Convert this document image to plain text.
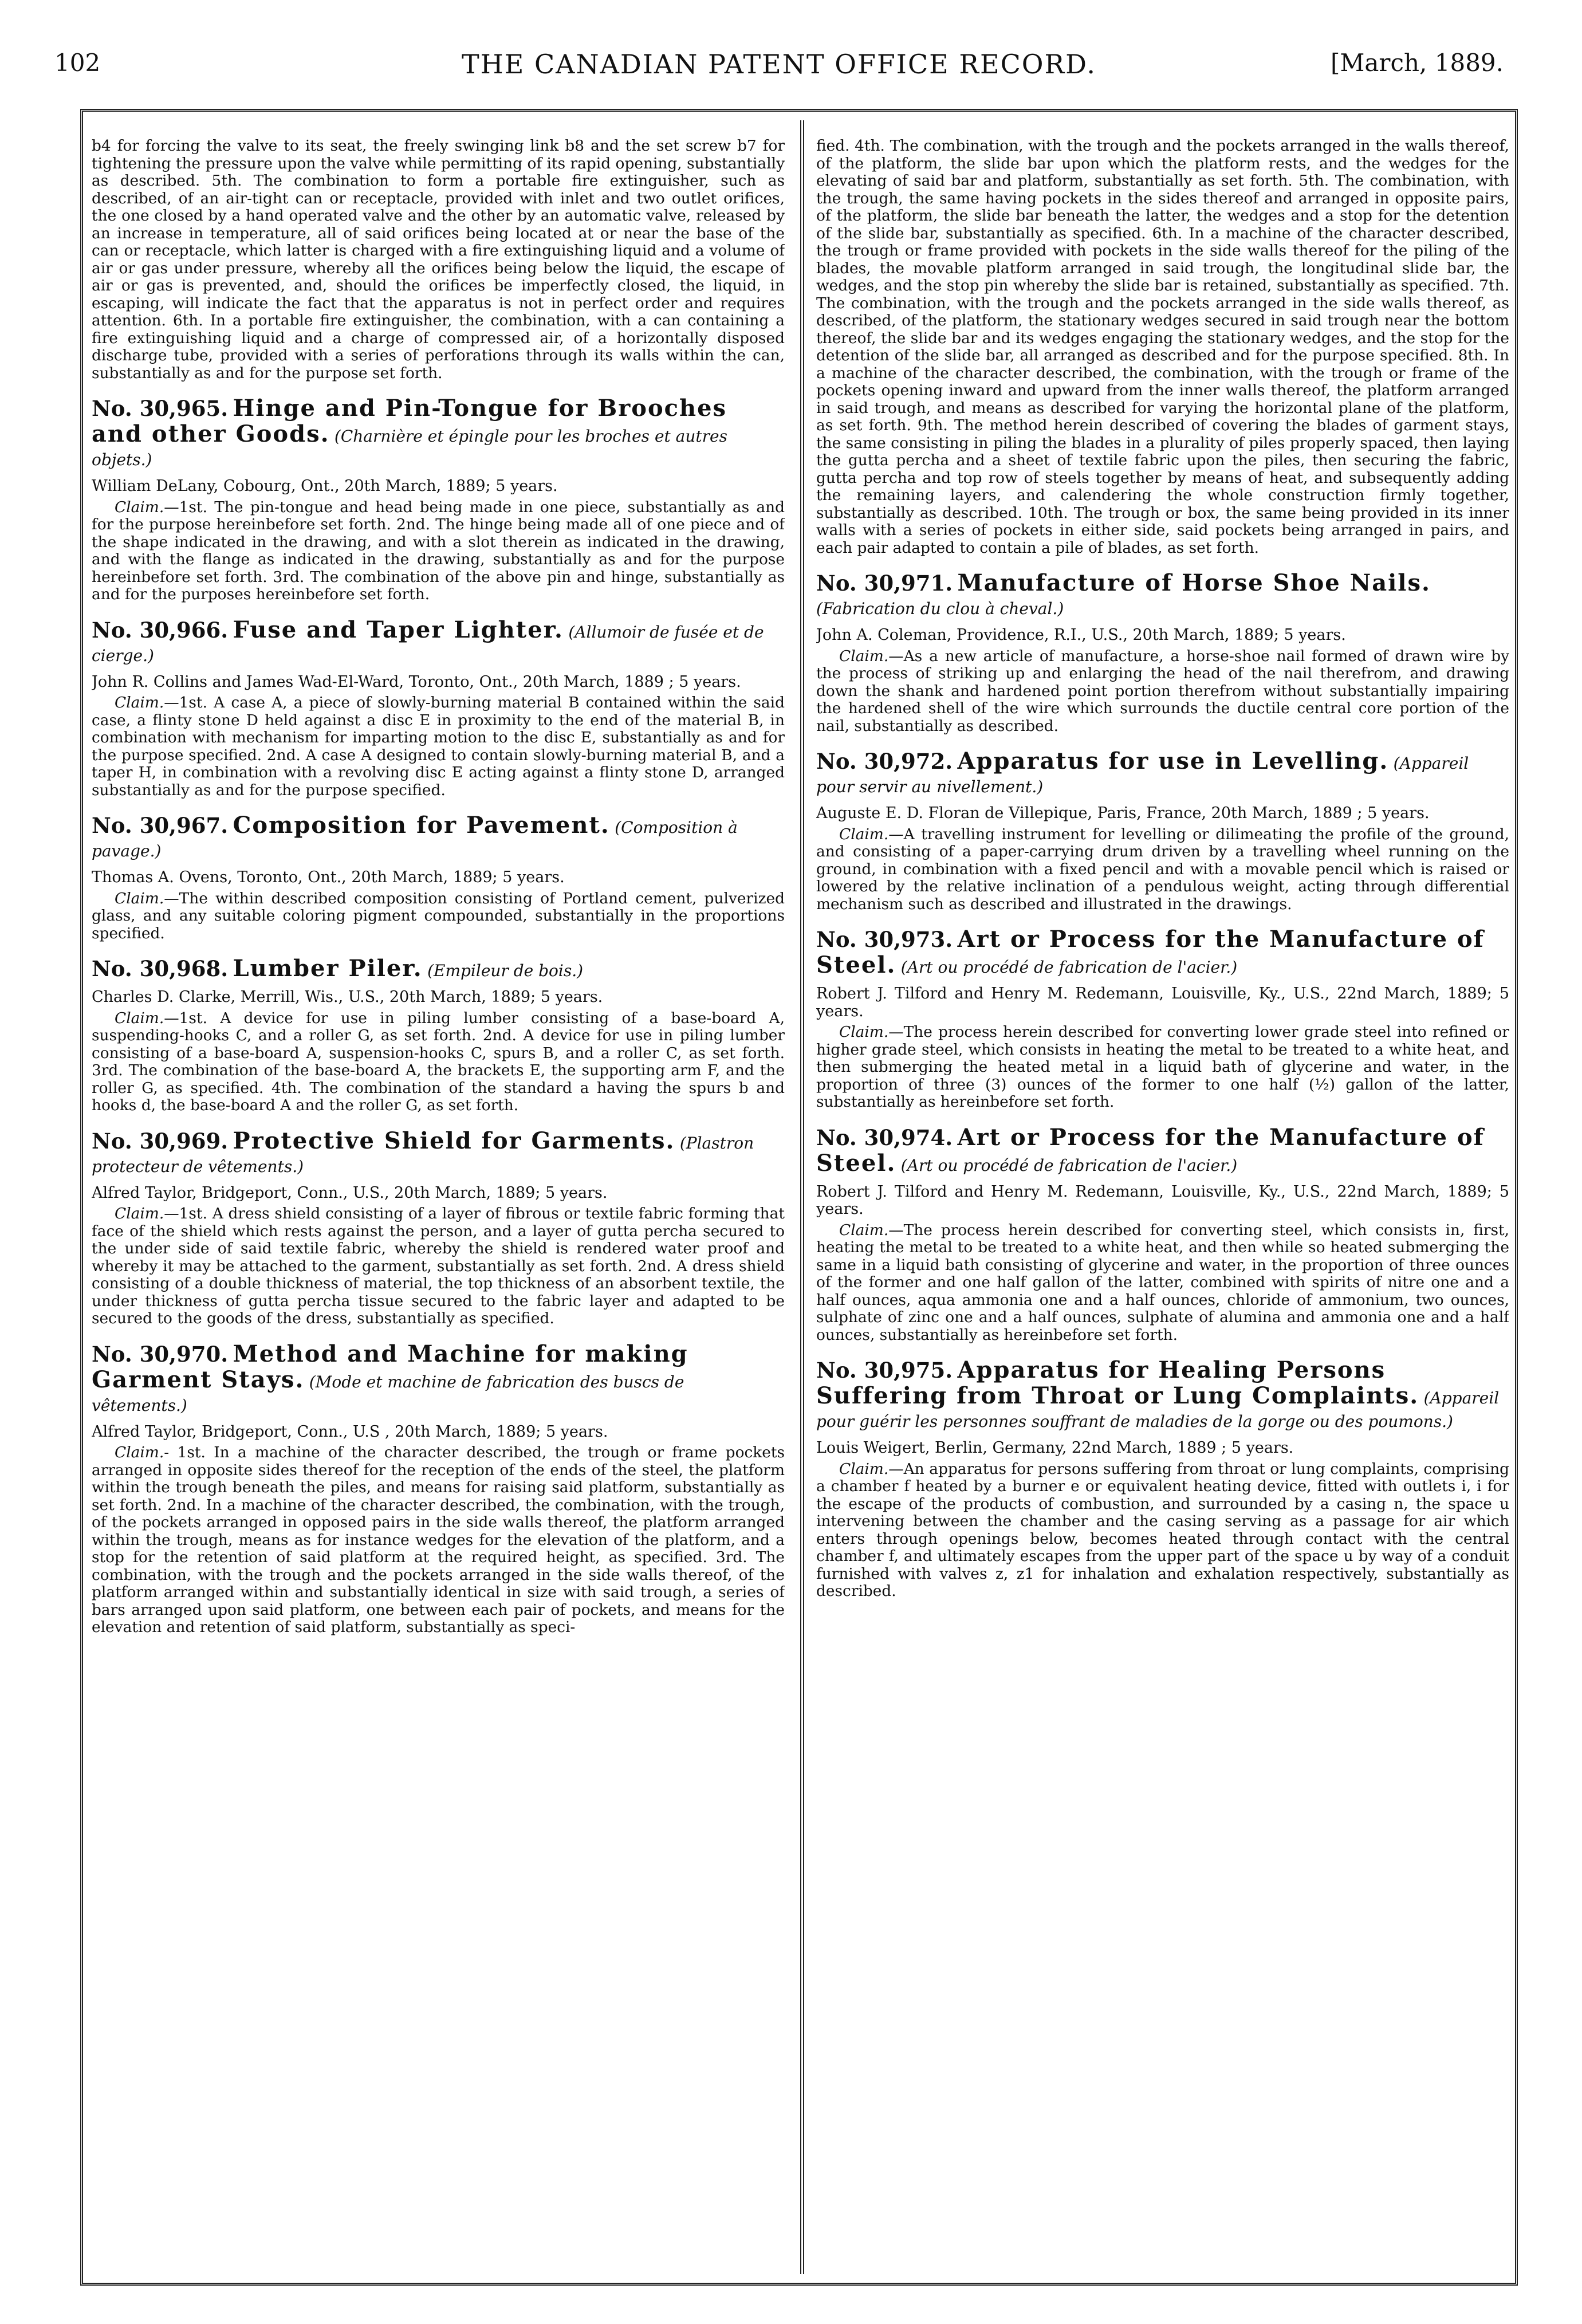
102	THE CANADIAN PATENT OFFICE RECORD.	[March, 1889.

b4 for forcing the valve to its seat, the freely swinging link b8 and the set screw b7 for tightening the pressure upon the valve while permitting of its rapid opening, substantially as described. 5th. The combination to form a portable fire extinguisher, such as described, of an air-tight can or receptacle, provided with inlet and two outlet orifices, the one closed by a hand operated valve and the other by an automatic valve, released by an increase in temperature, all of said orifices being located at or near the base of the can or receptacle, which latter is charged with a fire extinguishing liquid and a volume of air or gas under pressure, whereby all the orifices being below the liquid, the escape of air or gas is prevented, and, should the orifices be imperfectly closed, the liquid, in escaping, will indicate the fact that the apparatus is not in perfect order and requires attention. 6th. In a portable fire extinguisher, the combination, with a can containing a fire extinguishing liquid and a charge of compressed air, of a horizontally disposed discharge tube, provided with a series of perforations through its walls within the can, substantially as and for the purpose set forth.

No. 30,965. Hinge and Pin-Tongue for Brooches and other Goods. (Charnière et épingle pour les broches et autres objets.)

William DeLany, Cobourg, Ont., 20th March, 1889; 5 years.

Claim.—1st. The pin-tongue and head being made in one piece, substantially as and for the purpose hereinbefore set forth. 2nd. The hinge being made all of one piece and of the shape indicated in the drawing, and with a slot therein as indicated in the drawing, and with the flange as indicated in the drawing, substantially as and for the purpose hereinbefore set forth. 3rd. The combination of the above pin and hinge, substantially as and for the purposes hereinbefore set forth.

No. 30,966. Fuse and Taper Lighter. (Allumoir de fusée et de cierge.)

John R. Collins and James Wad-El-Ward, Toronto, Ont., 20th March, 1889 ; 5 years.

Claim.—1st. A case A, a piece of slowly-burning material B contained within the said case, a flinty stone D held against a disc E in proximity to the end of the material B, in combination with mechanism for imparting motion to the disc E, substantially as and for the purpose specified. 2nd. A case A designed to contain slowly-burning material B, and a taper H, in combination with a revolving disc E acting against a flinty stone D, arranged substantially as and for the purpose specified.

No. 30,967. Composition for Pavement. (Composition à pavage.)

Thomas A. Ovens, Toronto, Ont., 20th March, 1889; 5 years.

Claim.—The within described composition consisting of Portland cement, pulverized glass, and any suitable coloring pigment compounded, substantially in the proportions specified.

No. 30,968. Lumber Piler. (Empileur de bois.)

Charles D. Clarke, Merrill, Wis., U.S., 20th March, 1889; 5 years.

Claim.—1st. A device for use in piling lumber consisting of a base-board A, suspending-hooks C, and a roller G, as set forth. 2nd. A device for use in piling lumber consisting of a base-board A, suspension-hooks C, spurs B, and a roller C, as set forth. 3rd. The combination of the base-board A, the brackets E, the supporting arm F, and the roller G, as specified. 4th. The combination of the standard a having the spurs b and hooks d, the base-board A and the roller G, as set forth.

No. 30,969. Protective Shield for Garments. (Plastron protecteur de vêtements.)

Alfred Taylor, Bridgeport, Conn., U.S., 20th March, 1889; 5 years.

Claim.—1st. A dress shield consisting of a layer of fibrous or textile fabric forming that face of the shield which rests against the person, and a layer of gutta percha secured to the under side of said textile fabric, whereby the shield is rendered water proof and whereby it may be attached to the garment, substantially as set forth. 2nd. A dress shield consisting of a double thickness of material, the top thickness of an absorbent textile, the under thickness of gutta percha tissue secured to the fabric layer and adapted to be secured to the goods of the dress, substantially as specified.

No. 30,970. Method and Machine for making Garment Stays. (Mode et machine de fabrication des buscs de vêtements.)

Alfred Taylor, Bridgeport, Conn., U.S , 20th March, 1889; 5 years.

Claim.- 1st. In a machine of the character described, the trough or frame pockets arranged in opposite sides thereof for the reception of the ends of the steel, the platform within the trough beneath the piles, and means for raising said platform, substantially as set forth. 2nd. In a machine of the character described, the combination, with the trough, of the pockets arranged in opposed pairs in the side walls thereof, the platform arranged within the trough, means as for instance wedges for the elevation of the platform, and a stop for the retention of said platform at the required height, as specified. 3rd. The combination, with the trough and the pockets arranged in the side walls thereof, of the platform arranged within and substantially identical in size with said trough, a series of bars arranged upon said platform, one between each pair of pockets, and means for the elevation and retention of said platform, substantially as speci-

fied. 4th. The combination, with the trough and the pockets arranged in the walls thereof, of the platform, the slide bar upon which the platform rests, and the wedges for the elevating of said bar and platform, substantially as set forth. 5th. The combination, with the trough, the same having pockets in the sides thereof and arranged in opposite pairs, of the platform, the slide bar beneath the latter, the wedges and a stop for the detention of the slide bar, substantially as specified. 6th. In a machine of the character described, the trough or frame provided with pockets in the side walls thereof for the piling of the blades, the movable platform arranged in said trough, the longitudinal slide bar, the wedges, and the stop pin whereby the slide bar is retained, substantially as specified. 7th. The combination, with the trough and the pockets arranged in the side walls thereof, as described, of the platform, the stationary wedges secured in said trough near the bottom thereof, the slide bar and its wedges engaging the stationary wedges, and the stop for the detention of the slide bar, all arranged as described and for the purpose specified. 8th. In a machine of the character described, the combination, with the trough or frame of the pockets opening inward and upward from the inner walls thereof, the platform arranged in said trough, and means as described for varying the horizontal plane of the platform, as set forth. 9th. The method herein described of covering the blades of garment stays, the same consisting in piling the blades in a plurality of piles properly spaced, then laying the gutta percha and a sheet of textile fabric upon the piles, then securing the fabric, gutta percha and top row of steels together by means of heat, and subsequently adding the remaining layers, and calendering the whole construction firmly together, substantially as described. 10th. The trough or box, the same being provided in its inner walls with a series of pockets in either side, said pockets being arranged in pairs, and each pair adapted to contain a pile of blades, as set forth.

No. 30,971. Manufacture of Horse Shoe Nails. (Fabrication du clou à cheval.)

John A. Coleman, Providence, R.I., U.S., 20th March, 1889; 5 years.

Claim.—As a new article of manufacture, a horse-shoe nail formed of drawn wire by the process of striking up and enlarging the head of the nail therefrom, and drawing down the shank and hardened point portion therefrom without substantially impairing the hardened shell of the wire which surrounds the ductile central core portion of the nail, substantially as described.

No. 30,972. Apparatus for use in Levelling. (Appareil pour servir au nivellement.)

Auguste E. D. Floran de Villepique, Paris, France, 20th March, 1889 ; 5 years.

Claim.—A travelling instrument for levelling or dilimeating the profile of the ground, and consisting of a paper-carrying drum driven by a travelling wheel running on the ground, in combination with a fixed pencil and with a movable pencil which is raised or lowered by the relative inclination of a pendulous weight, acting through differential mechanism such as described and illustrated in the drawings.

No. 30,973. Art or Process for the Manufacture of Steel. (Art ou procédé de fabrication de l'acier.)

Robert J. Tilford and Henry M. Redemann, Louisville, Ky., U.S., 22nd March, 1889; 5 years.

Claim.—The process herein described for converting lower grade steel into refined or higher grade steel, which consists in heating the metal to be treated to a white heat, and then submerging the heated metal in a liquid bath of glycerine and water, in the proportion of three (3) ounces of the former to one half (½) gallon of the latter, substantially as hereinbefore set forth.

No. 30,974. Art or Process for the Manufacture of Steel. (Art ou procédé de fabrication de l'acier.)

Robert J. Tilford and Henry M. Redemann, Louisville, Ky., U.S., 22nd March, 1889; 5 years.

Claim.—The process herein described for converting steel, which consists in, first, heating the metal to be treated to a white heat, and then while so heated submerging the same in a liquid bath consisting of glycerine and water, in the proportion of three ounces of the former and one half gallon of the latter, combined with spirits of nitre one and a half ounces, aqua ammonia one and a half ounces, chloride of ammonium, two ounces, sulphate of zinc one and a half ounces, sulphate of alumina and ammonia one and a half ounces, substantially as hereinbefore set forth.

No. 30,975. Apparatus for Healing Persons Suffering from Throat or Lung Complaints. (Appareil pour guérir les personnes souffrant de maladies de la gorge ou des poumons.)

Louis Weigert, Berlin, Germany, 22nd March, 1889 ; 5 years.

Claim.—An apparatus for persons suffering from throat or lung complaints, comprising a chamber f heated by a burner e or equivalent heating device, fitted with outlets i, i for the escape of the products of combustion, and surrounded by a casing n, the space u intervening between the chamber and the casing serving as a passage for air which enters through openings below, becomes heated through contact with the central chamber f, and ultimately escapes from the upper part of the space u by way of a conduit furnished with valves z, z1 for inhalation and exhalation respectively, substantially as described.
